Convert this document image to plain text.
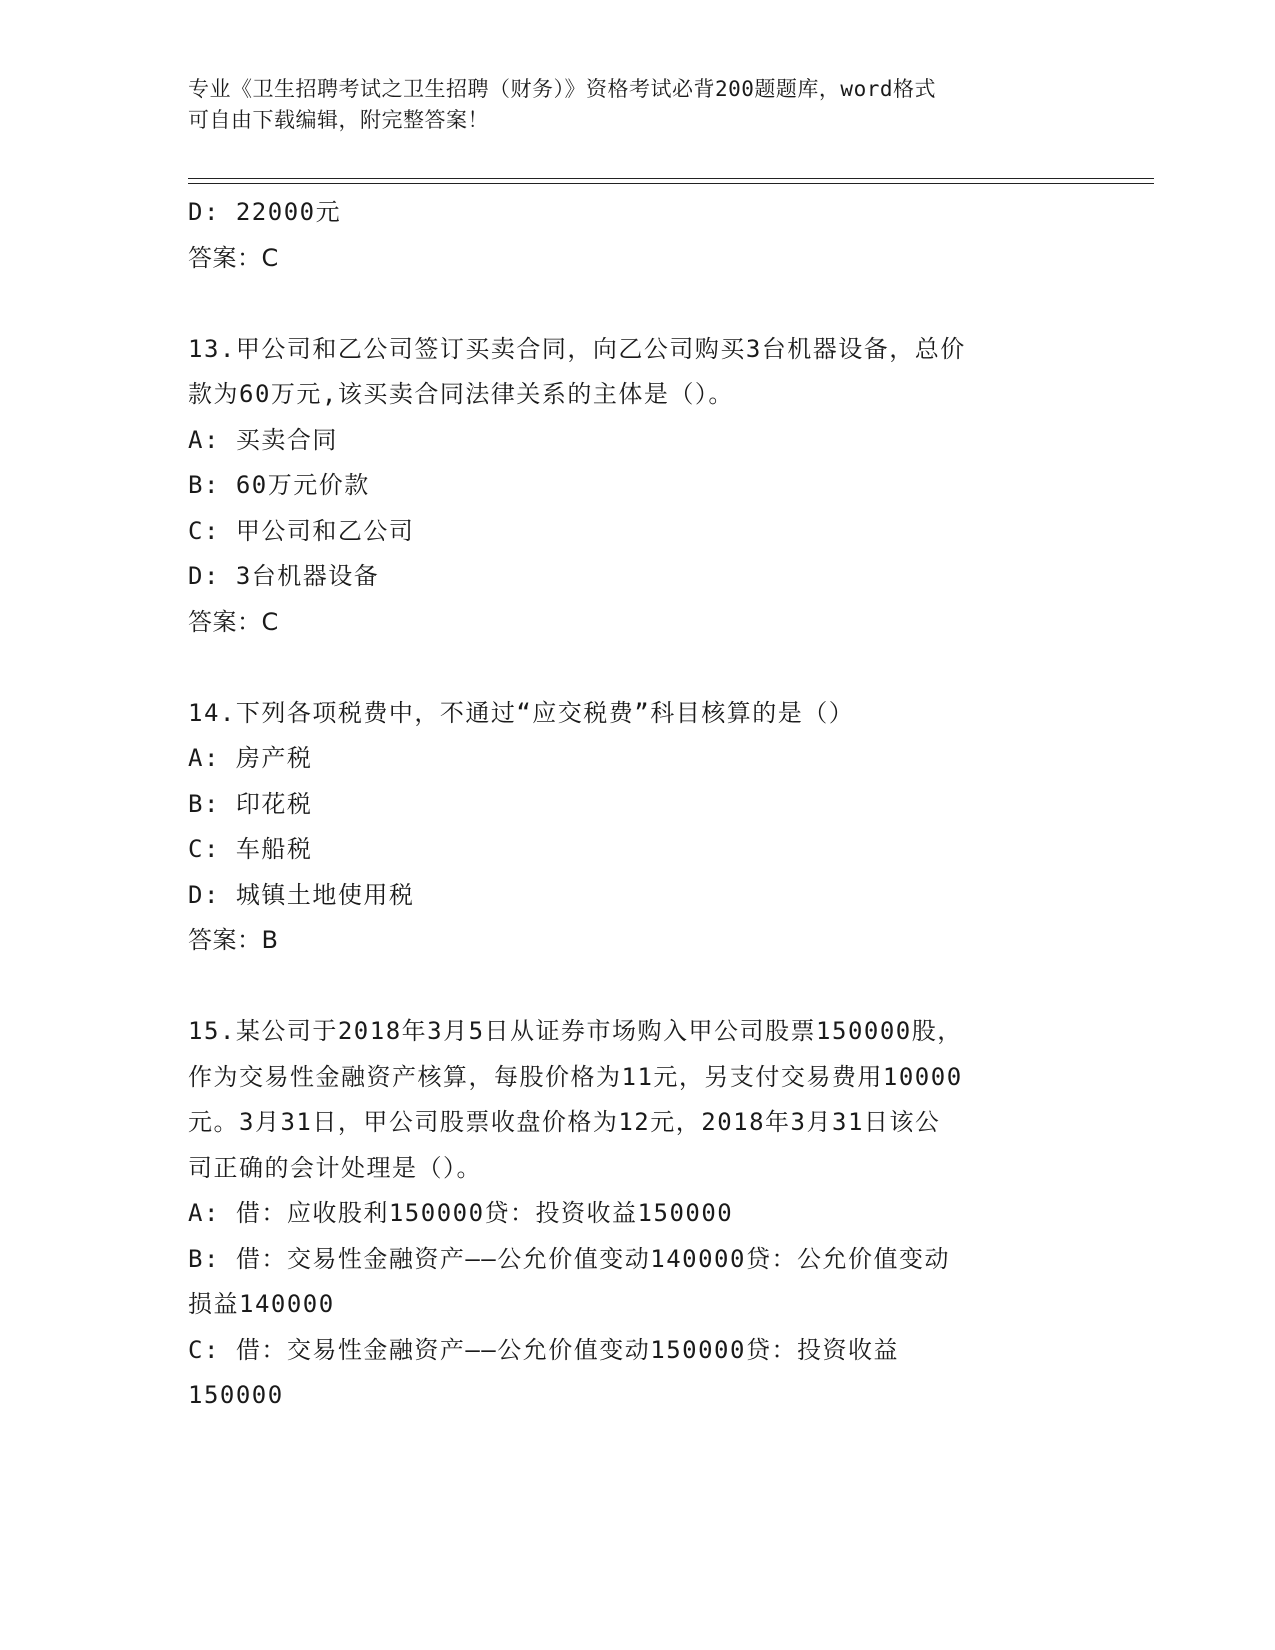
专业《卫生招聘考试之卫生招聘（财务）》资格考试必背200题题库，word格式
可自由下载编辑，附完整答案！
D: 22000元
答案：C
13.甲公司和乙公司签订买卖合同，向乙公司购买3台机器设备，总价
款为60万元,该买卖合同法律关系的主体是（）。
A: 买卖合同
B: 60万元价款
C: 甲公司和乙公司
D: 3台机器设备
答案：C
14.下列各项税费中，不通过“应交税费”科目核算的是（）
A: 房产税
B: 印花税
C: 车船税
D: 城镇土地使用税
答案：B
15.某公司于2018年3月5日从证券市场购入甲公司股票150000股，
作为交易性金融资产核算，每股价格为11元，另支付交易费用10000
元。3月31日，甲公司股票收盘价格为12元，2018年3月31日该公
司正确的会计处理是（）。
A: 借：应收股利150000贷：投资收益150000
B: 借：交易性金融资产——公允价值变动140000贷：公允价值变动
损益140000
C: 借：交易性金融资产——公允价值变动150000贷：投资收益
150000
